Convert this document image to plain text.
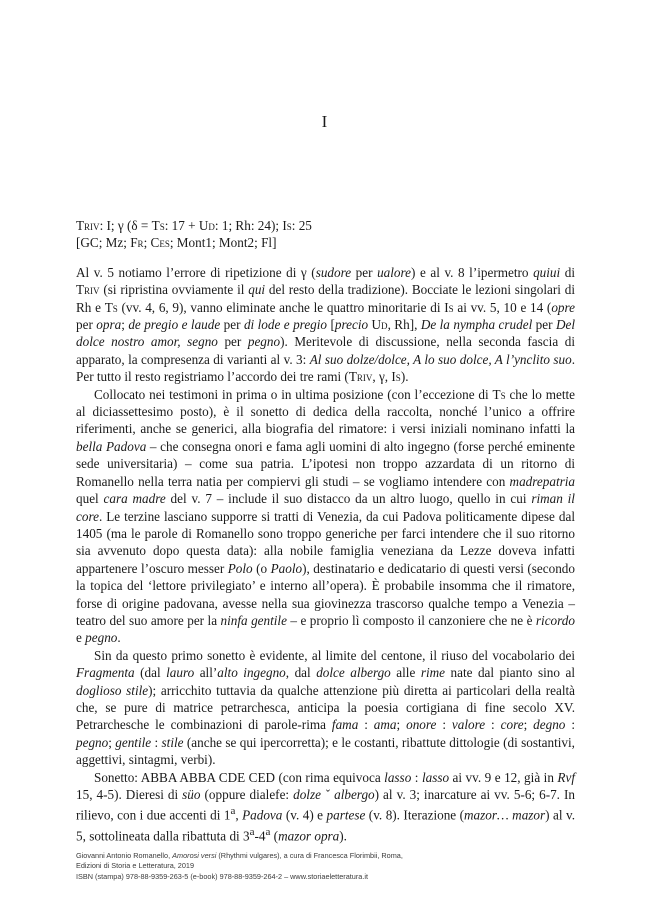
I

Triv: I; γ (δ = Ts: 17 + Ud: 1; Rh: 24); Is: 25

[GC; Mz; Fr; Ces; Mont1; Mont2; Fl]

Al v. 5 notiamo l’errore di ripetizione di γ (sudore per ualore) e al v. 8 l’ipermetro quiui di Triv (si ripristina ovviamente il qui del resto della tradizione). Bocciate le lezioni singolari di Rh e Ts (vv. 4, 6, 9), vanno eliminate anche le quattro minoritarie di Is ai vv. 5, 10 e 14 (opre per opra; de pregio e laude per di lode e pregio [precio Ud, Rh], De la nympha crudel per Del dolce nostro amor, segno per pegno). Meritevole di discussione, nella seconda fascia di apparato, la compresenza di varianti al v. 3: Al suo dolze/dolce, A lo suo dolce, A l’ynclito suo. Per tutto il resto registriamo l’accordo dei tre rami (Triv, γ, Is).

Collocato nei testimoni in prima o in ultima posizione (con l’eccezione di Ts che lo mette al diciassettesimo posto), è il sonetto di dedica della raccolta, nonché l’unico a offrire riferimenti, anche se generici, alla biografia del rimatore: i versi iniziali nominano infatti la bella Padova – che consegna onori e fama agli uomini di alto ingegno (forse perché eminente sede universitaria) – come sua patria. L’ipotesi non troppo azzardata di un ritorno di Romanello nella terra natia per compiervi gli studi – se vogliamo intendere con madrepatria quel cara madre del v. 7 – include il suo distacco da un altro luogo, quello in cui riman il core. Le terzine lasciano supporre si tratti di Venezia, da cui Padova politicamente dipese dal 1405 (ma le parole di Romanello sono troppo generiche per farci intendere che il suo ritorno sia avvenuto dopo questa data): alla nobile famiglia veneziana da Lezze doveva infatti appartenere l’oscuro messer Polo (o Paolo), destinatario e dedicatario di questi versi (secondo la topica del ‘lettore privilegiato’ e interno all’opera). È probabile insomma che il rimatore, forse di origine padovana, avesse nella sua giovinezza trascorso qualche tempo a Venezia – teatro del suo amore per la ninfa gentile – e proprio lì composto il canzoniere che ne è ricordo e pegno.

Sin da questo primo sonetto è evidente, al limite del centone, il riuso del vocabolario dei Fragmenta (dal lauro all’alto ingegno, dal dolce albergo alle rime nate dal pianto sino al doglioso stile); arricchito tuttavia da qualche attenzione più diretta ai particolari della realtà che, se pure di matrice petrarchesca, anticipa la poesia cortigiana di fine secolo XV. Petrarchesche le combinazioni di parole-rima fama : ama; onore : valore : core; degno : pegno; gentile : stile (anche se qui ipercorretta); e le costanti, ribattute dittologie (di sostantivi, aggettivi, sintagmi, verbi).

Sonetto: ABBA ABBA CDE CED (con rima equivoca lasso : lasso ai vv. 9 e 12, già in Rvf 15, 4-5). Dieresi di süo (oppure dialefe: dolze ˇ albergo) al v. 3; inarcature ai vv. 5-6; 6-7. In rilievo, con i due accenti di 1$^a$, Padova (v. 4) e partese (v. 8). Iterazione (mazor… mazor) al v. 5, sottolineata dalla ribattuta di 3$^a$-4$^a$ (mazor opra).

Giovanni Antonio Romanello, Amorosi versi (Rhythmi vulgares), a cura di Francesca Florimbii, Roma,
Edizioni di Storia e Letteratura, 2019
ISBN (stampa) 978-88-9359-263-5 (e-book) 978-88-9359-264-2 – www.storiaeletteratura.it
